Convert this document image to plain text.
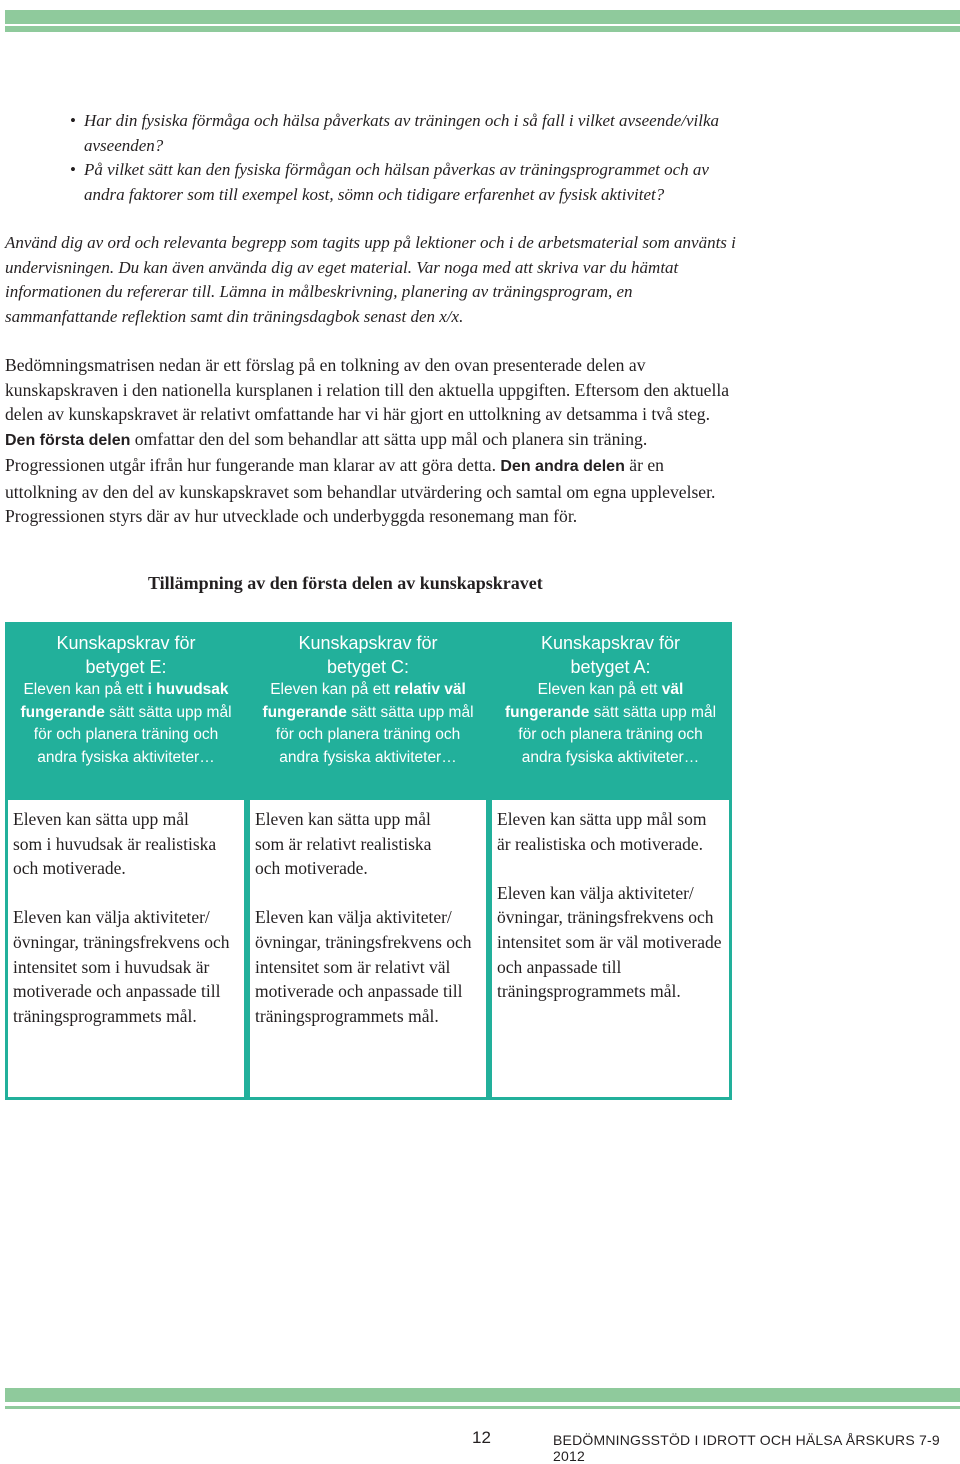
• Har din fysiska förmåga och hälsa påverkats av träningen och i så fall i vilket avseende/vilka avseenden?
• På vilket sätt kan den fysiska förmågan och hälsan påverkas av träningsprogrammet och av andra faktorer som till exempel kost, sömn och tidigare erfarenhet av fysisk aktivitet?

Använd dig av ord och relevanta begrepp som tagits upp på lektioner och i de arbetsmaterial som använts i undervisningen. Du kan även använda dig av eget material. Var noga med att skriva var du hämtat informationen du refererar till. Lämna in målbeskrivning, planering av träningsprogram, en sammanfattande reflektion samt din träningsdagbok senast den x/x.

Bedömningsmatrisen nedan är ett förslag på en tolkning av den ovan presenterade delen av kunskapskraven i den nationella kursplanen i relation till den aktuella uppgiften. Eftersom den aktuella delen av kunskapskravet är relativt omfattande har vi här gjort en uttolkning av detsamma i två steg. Den första delen omfattar den del som behandlar att sätta upp mål och planera sin träning. Progressionen utgår ifrån hur fungerande man klarar av att göra detta. Den andra delen är en uttolkning av den del av kunskapskravet som behandlar utvärdering och samtal om egna upplevelser. Progressionen styrs där av hur utvecklade och underbyggda resonemang man för.

Tillämpning av den första delen av kunskapskravet
Kunskapskrav för betyget E:
Eleven kan på ett i huvudsak fungerande sätt sätta upp mål för och planera träning och andra fysiska aktiviteter…
Kunskapskrav för betyget C:
Eleven kan på ett relativ väl fungerande sätt sätta upp mål för och planera träning och andra fysiska aktiviteter…
Kunskapskrav för betyget A:
Eleven kan på ett väl fungerande sätt sätta upp mål för och planera träning och andra fysiska aktiviteter…

Eleven kan sätta upp mål som i huvudsak är realistiska och motiverade.

Eleven kan välja aktiviteter/ övningar, träningsfrekvens och intensitet som i huvudsak är motiverade och anpassade till träningsprogrammets mål.

Eleven kan sätta upp mål som är relativt realistiska och motiverade.

Eleven kan välja aktiviteter/ övningar, träningsfrekvens och intensitet som är relativt väl motiverade och anpassade till träningsprogrammets mål.

Eleven kan sätta upp mål som är realistiska och motiverade.

Eleven kan välja aktiviteter/ övningar, träningsfrekvens och intensitet som är väl motiverade och anpassade till träningsprogrammets mål.

12	BEDÖMNINGSSTÖD I IDROTT OCH HÄLSA ÅRSKURS 7-9 2012
